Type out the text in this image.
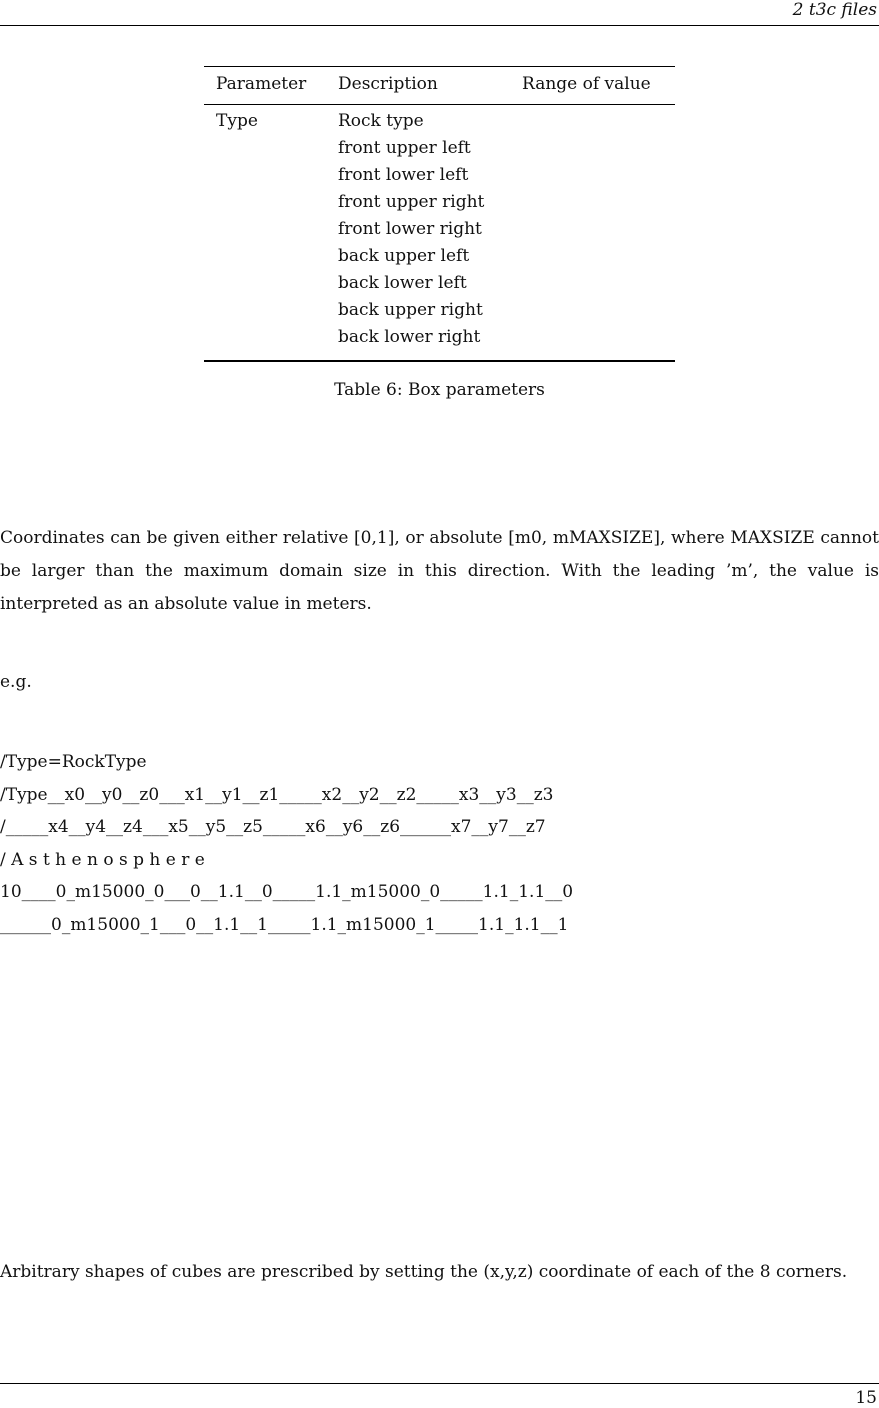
2 t3c files
Parameter Description	Range of value
Type	Rock type
front upper left
front lower left
front upper right
front lower right
back upper left
back lower left
back upper right
back lower right
Table 6: Box parameters

Coordinates can be given either relative [0,1], or absolute [m0, mMAXSIZE], where MAXSIZE cannot be larger than the maximum domain size in this direction. With the leading ’m’, the value is interpreted as an absolute value in meters.

e.g.
/Type=RockType
/Type__x0__y0__z0___x1__y1__z1_____x2__y2__z2_____x3__y3__z3
/_____x4__y4__z4___x5__y5__z5_____x6__y6__z6______x7__y7__z7
/ A s t h e n o s p h e r e
10____0_m15000_0___0__1.1__0_____1.1_m15000_0_____1.1_1.1__0
______0_m15000_1___0__1.1__1_____1.1_m15000_1_____1.1_1.1__1

Arbitrary shapes of cubes are prescribed by setting the (x,y,z) coordinate of each of the 8 corners.

15
